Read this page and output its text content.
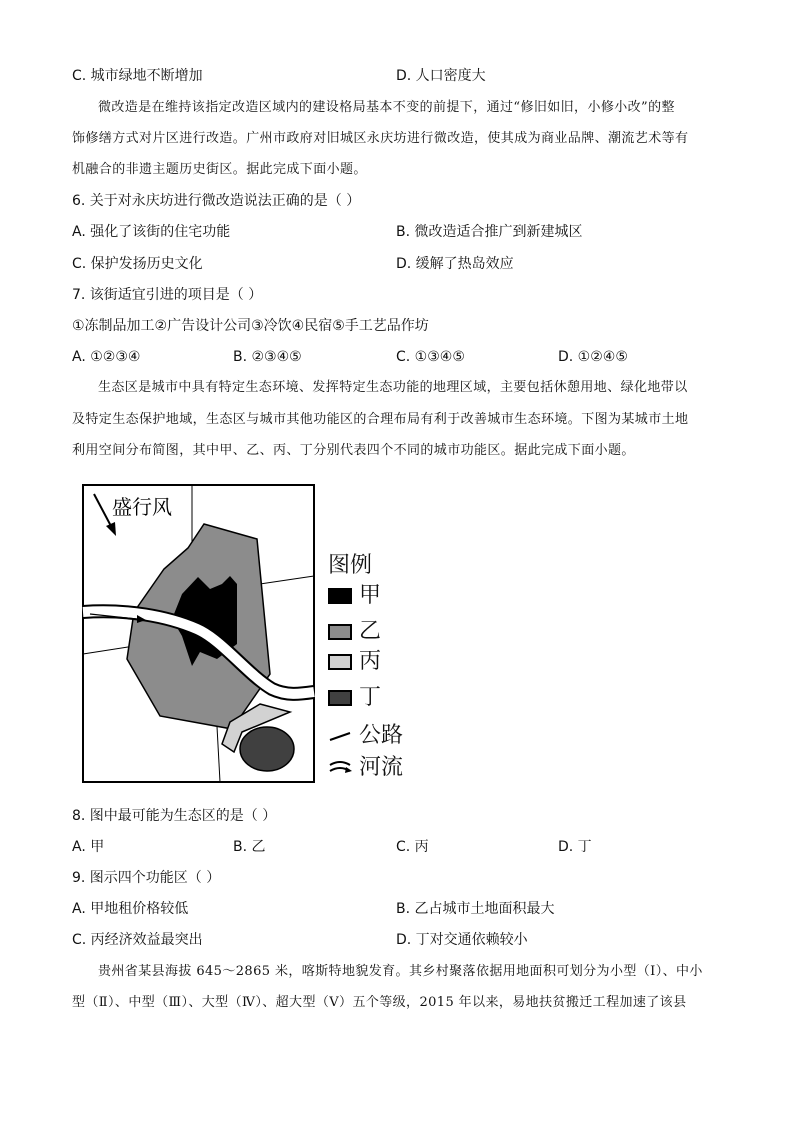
C. 城市绿地不断增加	D. 人口密度大
微改造是在维持该指定改造区域内的建设格局基本不变的前提下，通过“修旧如旧，小修小改”的整
饰修缮方式对片区进行改造。广州市政府对旧城区永庆坊进行微改造，使其成为商业品牌、潮流艺术等有
机融合的非遗主题历史街区。据此完成下面小题。
6. 关于对永庆坊进行微改造说法正确的是（ ）
A. 强化了该街的住宅功能	B. 微改造适合推广到新建城区
C. 保护发扬历史文化	D. 缓解了热岛效应
7. 该街适宜引进的项目是（ ）
①冻制品加工②广告设计公司③冷饮④民宿⑤手工艺品作坊
A. ①②③④	B. ②③④⑤	C. ①③④⑤	D. ①②④⑤
生态区是城市中具有特定生态环境、发挥特定生态功能的地理区域，主要包括休憩用地、绿化地带以
及特定生态保护地域，生态区与城市其他功能区的合理布局有利于改善城市生态环境。下图为某城市土地
利用空间分布简图，其中甲、乙、丙、丁分别代表四个不同的城市功能区。据此完成下面小题。
盛行风
图例
甲
乙
丙
丁
公路
河流
8. 图中最可能为生态区的是（ ）
A. 甲	B. 乙	C. 丙	D. 丁
9. 图示四个功能区（ ）
A. 甲地租价格较低	B. 乙占城市土地面积最大
C. 丙经济效益最突出	D. 丁对交通依赖较小
贵州省某县海拔 645～2865 米，喀斯特地貌发育。其乡村聚落依据用地面积可划分为小型（Ⅰ）、中小
型（Ⅱ）、中型（Ⅲ）、大型（Ⅳ）、超大型（Ⅴ）五个等级，2015 年以来，易地扶贫搬迁工程加速了该县
